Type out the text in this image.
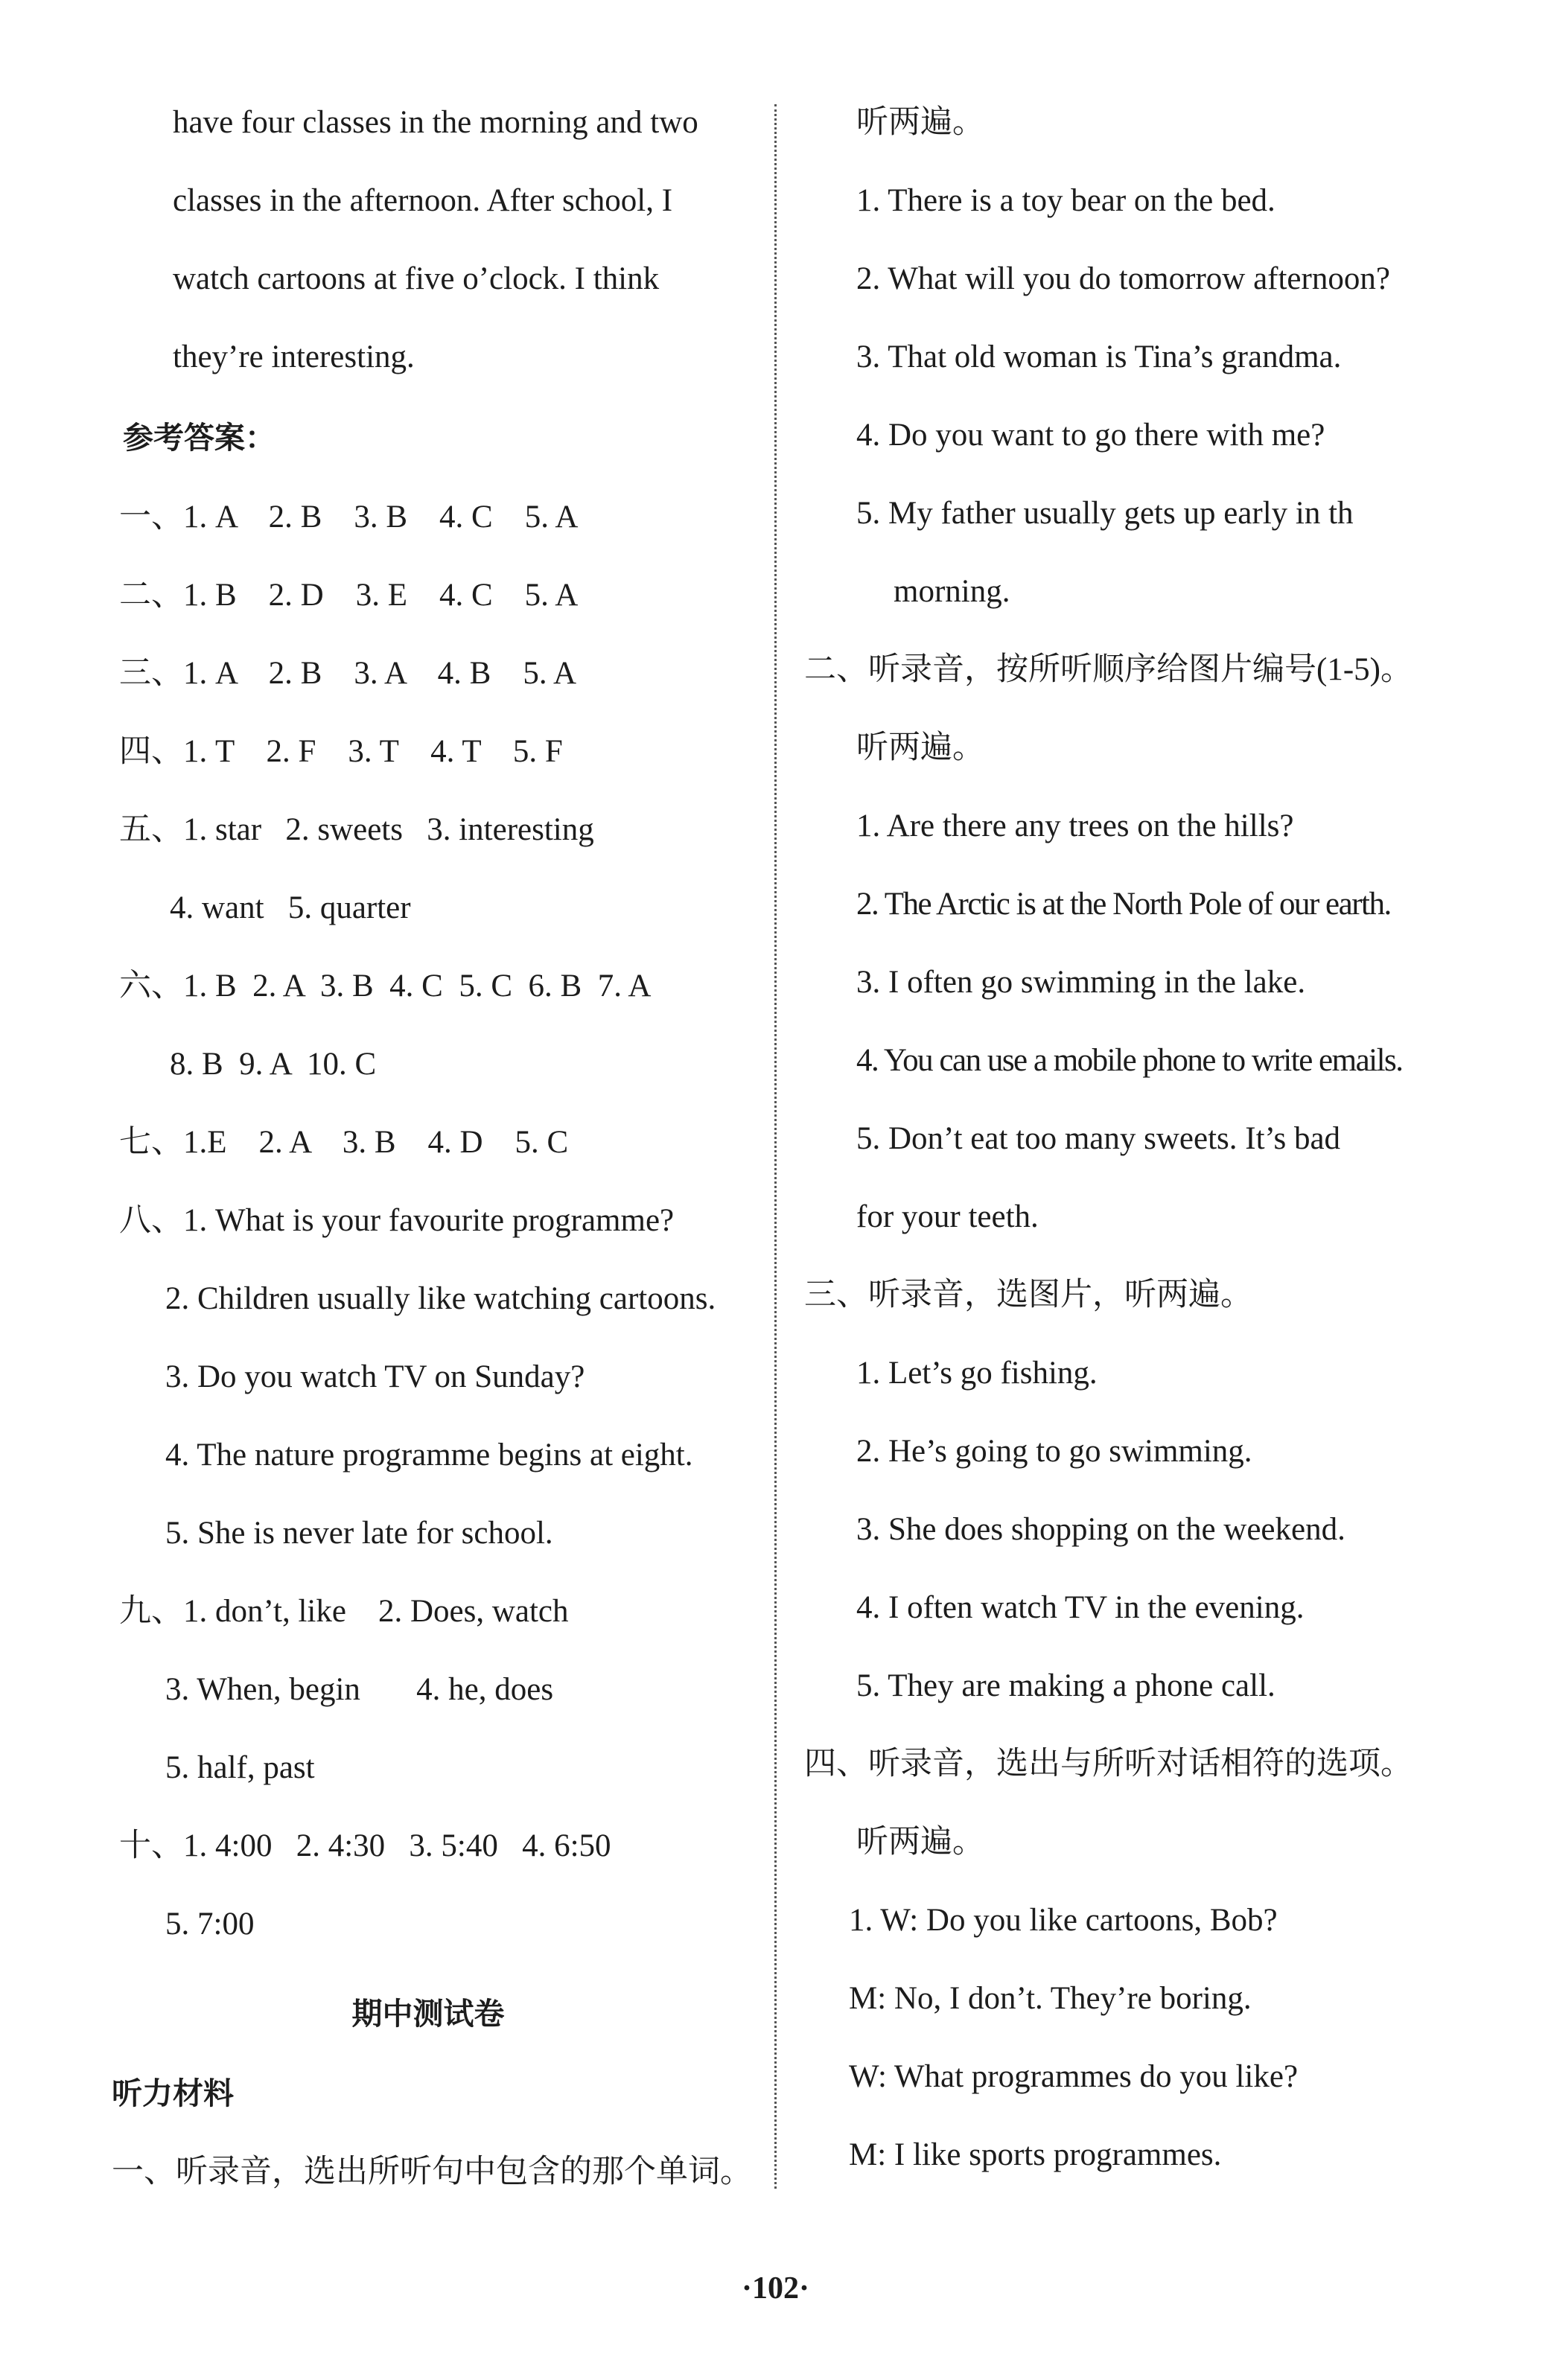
have four classes in the morning and two
classes in the afternoon. After school, I
watch cartoons at five o’clock. I think
they’re interesting.
参考答案：
一、1. A    2. B    3. B    4. C    5. A
二、1. B    2. D    3. E    4. C    5. A
三、1. A    2. B    3. A    4. B    5. A
四、1. T    2. F    3. T    4. T    5. F
五、1. star   2. sweets   3. interesting
4. want   5. quarter
六、1. B  2. A  3. B  4. C  5. C  6. B  7. A
8. B  9. A  10. C
七、1.E    2. A    3. B    4. D    5. C
八、1. What is your favourite programme?
2. Children usually like watching cartoons.
3. Do you watch TV on Sunday?
4. The nature programme begins at eight.
5. She is never late for school.
九、1. don’t, like    2. Does, watch
3. When, begin       4. he, does
5. half, past
十、1. 4:00   2. 4:30   3. 5:40   4. 6:50
5. 7:00
期中测试卷
听力材料
一、听录音，选出所听句中包含的那个单词。
听两遍。
1. There is a toy bear on the bed.
2. What will you do tomorrow afternoon?
3. That old woman is Tina’s grandma.
4. Do you want to go there with me?
5. My father usually gets up early in th
morning.
二、听录音，按所听顺序给图片编号(1-5)。
听两遍。
1. Are there any trees on the hills?
2. The Arctic is at the North Pole of our earth.
3. I often go swimming in the lake.
4. You can use a mobile phone to write emails.
5. Don’t eat too many sweets. It’s bad
for your teeth.
三、听录音，选图片，听两遍。
1. Let’s go fishing.
2. He’s going to go swimming.
3. She does shopping on the weekend.
4. I often watch TV in the evening.
5. They are making a phone call.
四、听录音，选出与所听对话相符的选项。
听两遍。
1. W: Do you like cartoons, Bob?
M: No, I don’t. They’re boring.
W: What programmes do you like?
M: I like sports programmes.
·102·
